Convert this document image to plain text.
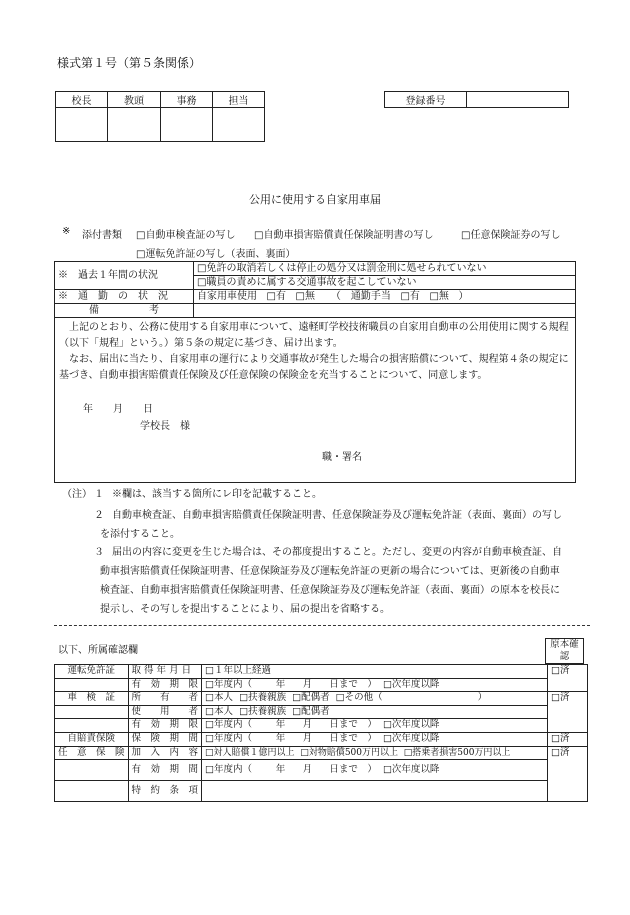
様式第１号（第５条関係）
校長	教頭	事務	担当
				登録番号	
公用に使用する自家用車届
※ 添付書類 □	自動車検査証の写し □	自動車損害賠償責任保険証明書の写し □	任意保険証券の写し
□ 運転免許証の写し（表面、裏面）
※　過去１年間の状況	□ 免許の取消若しくは停止の処分又は罰金刑に処せられていない
□ 職員の責めに属する交通事故を起こしていない
※　通　勤　の　状　況	自家用車使用 □ 有 □ 無 （　通勤手当 □ 有 □ 無 ）
備　　　　　考	

上記のとおり、公務に使用する自家用車について、遠軽町学校技術職員の自家用自動車の公用使用に関する規程（以下「規程」という。）第５条の規定に基づき、届け出ます。
なお、届出に当たり、自家用車の運行により交通事故が発生した場合の損害賠償について、規程第４条の規定に基づき、自動車損害賠償責任保険及び任意保険の保険金を充当することについて、同意します。
年　　月　　日
学校長　様
職・署名	
（注） １ ※欄は、該当する箇所にレ印を記載すること。
２ 自動車検査証、自動車損害賠償責任保険証明書、任意保険証券及び運転免許証（表面、裏面）の写し
を添付すること。
３ 届出の内容に変更を生じた場合は、その都度提出すること。ただし、変更の内容が自動車検査証、自
動車損害賠償責任保険証明書、任意保険証券及び運転免許証の更新の場合については、更新後の自動車
検査証、自動車損害賠償責任保険証明書、任意保険証券及び運転免許証（表面、裏面）の原本を校長に
提示し、その写しを提出することにより、届の提出を省略する。
以下、所属確認欄
原本確認
運転免許証	取 得 年 月 日	□１年以上経過	□済
	有　効　期　限	□年度内（    年   月   日まで　） □ 次年度以降
車　検　証	所　　有　　者	□本人 □ 扶養親族 □ 配偶者 □ その他（           ）	□済
	使　　用　　者	□本人 □ 扶養親族 □ 配偶者
	有　効　期　限	□年度内（    年   月   日まで　） □ 次年度以降
自賠責保険	保　険　期　間	□年度内（    年   月   日まで　） □ 次年度以降	□済
任　意　保　険	加　入　内　容	□対人賠償１億円以上 □ 対物賠償500万円以上 □ 搭乗者損害500万円以上	□済
	有　効　期　間	□年度内（    年   月   日まで　） □ 次年度以降
	特　約　条　項		
